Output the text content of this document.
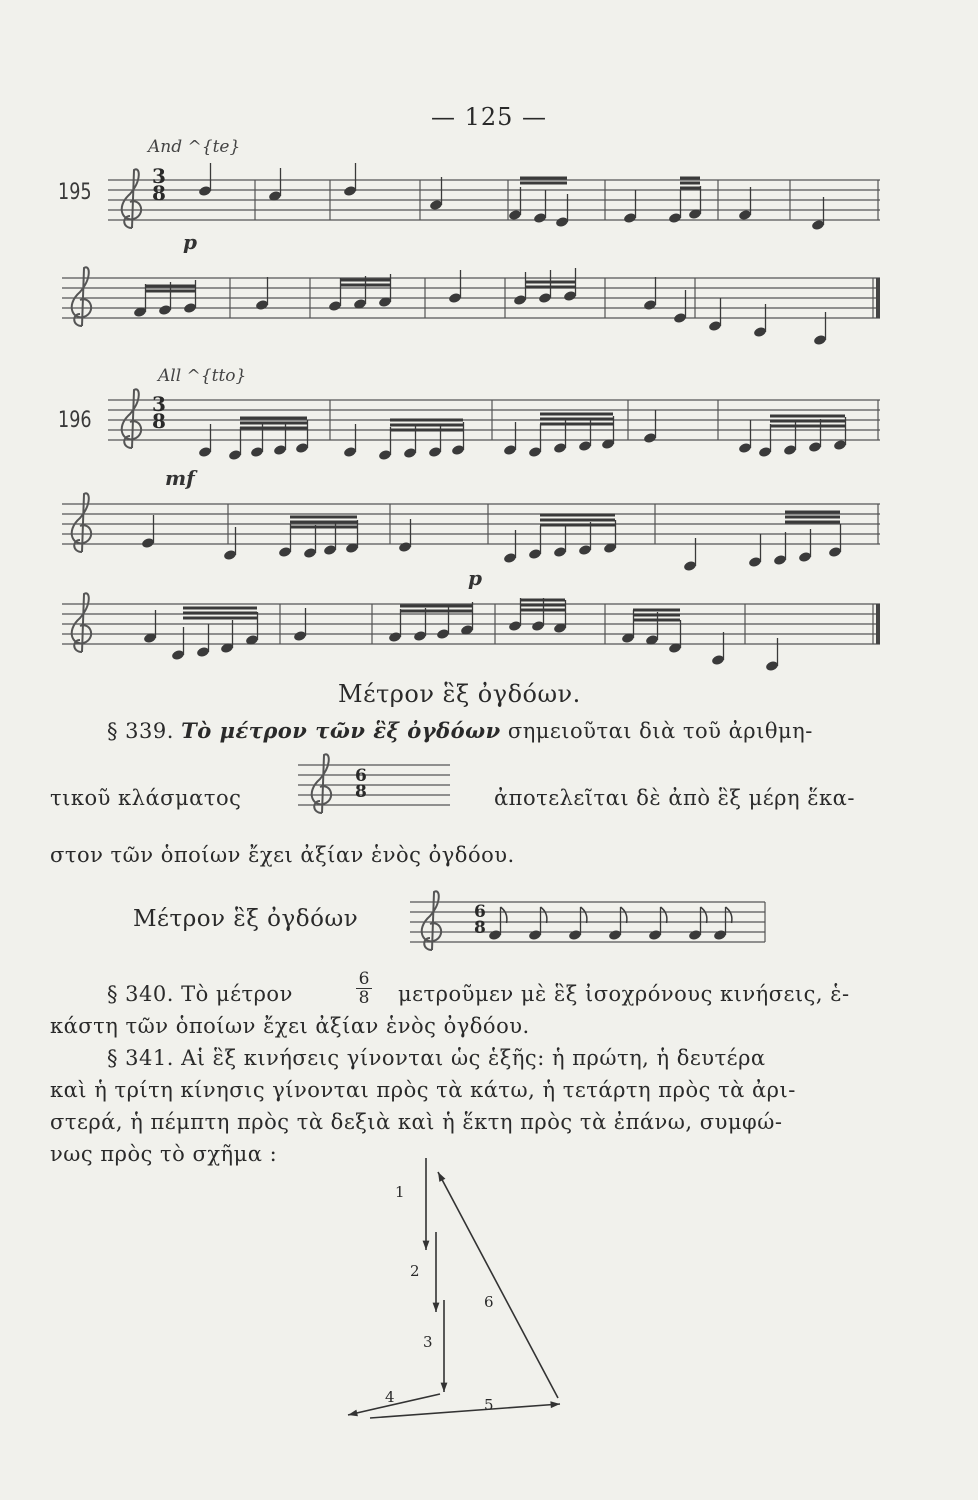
— 125 —
195
And ^{te}
p
3
8
196
All ^{tto}
mf
p
3
8
Μέτρον ἓξ ὀγδόων.
§ 339. Τὸ μέτρον τῶν ἓξ ὀγδόων σημειοῦται διὰ τοῦ ἀριθμη-
τικοῦ κλάσματος
6
8	ἀποτελεῖται δὲ ἀπὸ ἓξ μέρη ἕκα-
στον τῶν ὁποίων ἔχει ἀξίαν ἑνὸς ὀγδόου.
Μέτρον ἓξ ὀγδόων	6
8
§ 340. Τὸ μέτρον
6
8 μετροῦμεν μὲ ἓξ ἰσοχρόνους κινήσεις, ἑ-
κάστη τῶν ὁποίων ἔχει ἀξίαν ἑνὸς ὀγδόου.
§ 341. Αἱ ἓξ κινήσεις γίνονται ὡς ἑξῆς: ἡ πρώτη, ἡ δευτέρα
καὶ ἡ τρίτη κίνησις γίνονται πρὸς τὰ κάτω, ἡ τετάρτη πρὸς τὰ ἀρι-
στερά, ἡ πέμπτη πρὸς τὰ δεξιὰ καὶ ἡ ἕκτη πρὸς τὰ ἐπάνω, συμφώ-
νως πρὸς τὸ σχῆμα :
1
2
3
4	5
6
